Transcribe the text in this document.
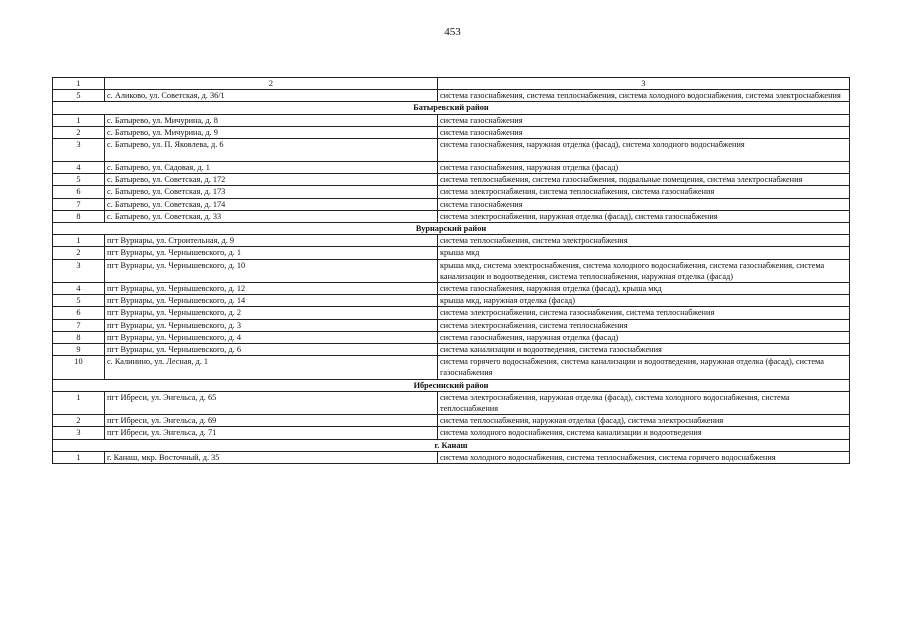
453
1	2	3
5	с. Аликово, ул. Советская, д. 36/1	система газоснабжения, система теплоснабжения, система холодного водоснабжения, система электроснабжения
Батыревский район		
1	с. Батырево, ул. Мичурина, д. 8	система газоснабжения
2	с. Батырево, ул. Мичурина, д. 9	система газоснабжения
3	с. Батырево, ул. П. Яковлева, д. 6	система газоснабжения, наружная отделка (фасад), система холодного водоснабжения
4	с. Батырево, ул. Садовая, д. 1	система газоснабжения, наружная отделка (фасад)
5	с. Батырево, ул. Советская, д. 172	система теплоснабжения, система газоснабжения, подвальные помещения, система электроснабжения
6	с. Батырево, ул. Советская, д. 173	система электроснабжения, система теплоснабжения, система газоснабжения
7	с. Батырево, ул. Советская, д. 174	система газоснабжения
8	с. Батырево, ул. Советская, д. 33	система электроснабжения, наружная отделка (фасад), система газоснабжения
Вурнарский район		
1	пгт Вурнары, ул. Строительная, д. 9	система теплоснабжения, система электроснабжения
2	пгт Вурнары, ул. Чернышевского, д. 1	крыша мкд
3	пгт Вурнары, ул. Чернышевского, д. 10	крыша мкд, система электроснабжения, система холодного водоснабжения, система газоснабжения, система канализации и водоотведения, система теплоснабжения, наружная отделка (фасад)
4	пгт Вурнары, ул. Чернышевского, д. 12	система газоснабжения, наружная отделка (фасад), крыша мкд
5	пгт Вурнары, ул. Чернышевского, д. 14	крыша мкд, наружная отделка (фасад)
6	пгт Вурнары, ул. Чернышевского, д. 2	система электроснабжения, система газоснабжения, система теплоснабжения
7	пгт Вурнары, ул. Чернышевского, д. 3	система электроснабжения, система теплоснабжения
8	пгт Вурнары, ул. Чернышевского, д. 4	система газоснабжения, наружная отделка (фасад)
9	пгт Вурнары, ул. Чернышевского, д. 6	система канализации и водоотведения, система газоснабжения
10	с. Калинино, ул. Лесная, д. 1	система горячего водоснабжения, система канализации и водоотведения, наружная отделка (фасад), система газоснабжения
Ибресинский район		
1	пгт Ибреси, ул. Энгельса, д. 65	система электроснабжения, наружная отделка (фасад), система холодного водоснабжения, система теплоснабжения
2	пгт Ибреси, ул. Энгельса, д. 69	система теплоснабжения, наружная отделка (фасад), система электроснабжения
3	пгт Ибреси, ул. Энгельса, д. 71	система холодного водоснабжения, система канализации и водоотведения
г. Канаш		
1	г. Канаш, мкр. Восточный, д. 35	система холодного водоснабжения, система теплоснабжения, система горячего водоснабжения
